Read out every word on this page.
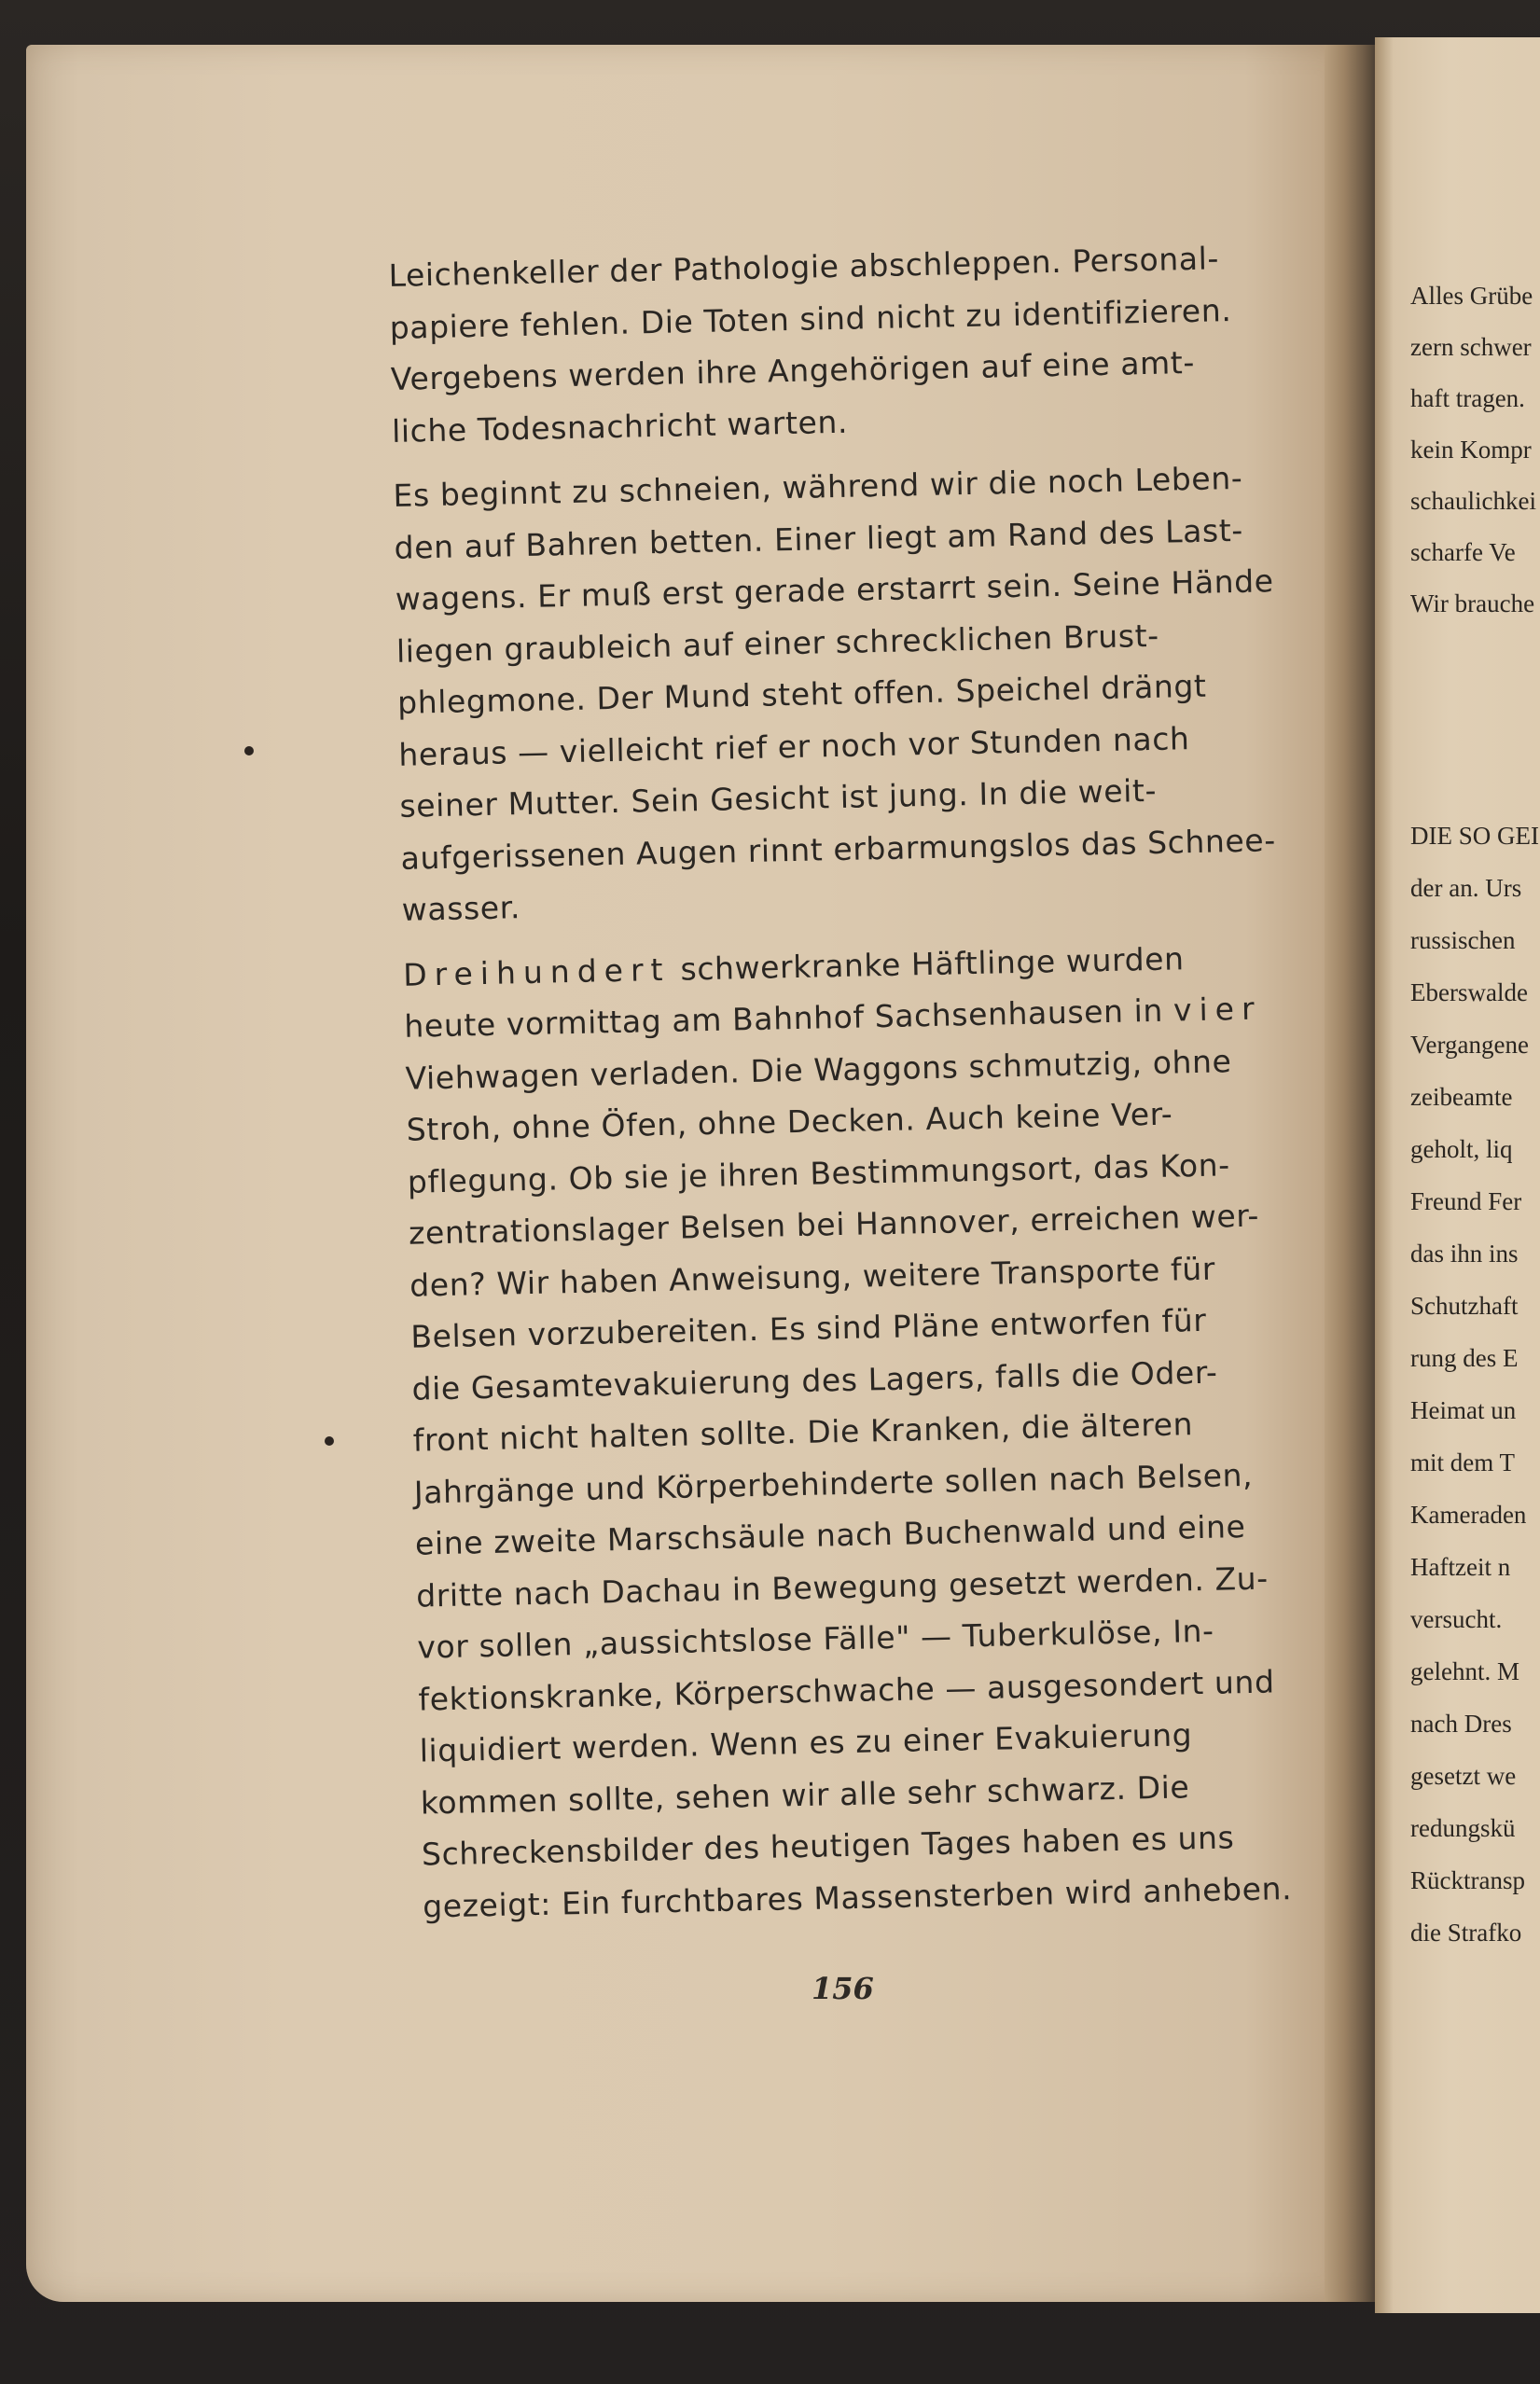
Leichenkeller der Pathologie abschleppen. Personal-
papiere fehlen. Die Toten sind nicht zu identifizieren.
Vergebens werden ihre Angehörigen auf eine amt-
liche Todesnachricht warten.

Es beginnt zu schneien, während wir die noch Leben-
den auf Bahren betten. Einer liegt am Rand des Last-
wagens. Er muß erst gerade erstarrt sein. Seine Hände
liegen graubleich auf einer schrecklichen Brust-
phlegmone. Der Mund steht offen. Speichel drängt
heraus — vielleicht rief er noch vor Stunden nach
seiner Mutter. Sein Gesicht ist jung. In die weit-
aufgerissenen Augen rinnt erbarmungslos das Schnee-
wasser.

Dreihundert schwerkranke Häftlinge wurden
heute vormittag am Bahnhof Sachsenhausen in vier
Viehwagen verladen. Die Waggons schmutzig, ohne
Stroh, ohne Öfen, ohne Decken. Auch keine Ver-
pflegung. Ob sie je ihren Bestimmungsort, das Kon-
zentrationslager Belsen bei Hannover, erreichen wer-
den? Wir haben Anweisung, weitere Transporte für
Belsen vorzubereiten. Es sind Pläne entworfen für
die Gesamtevakuierung des Lagers, falls die Oder-
front nicht halten sollte. Die Kranken, die älteren
Jahrgänge und Körperbehinderte sollen nach Belsen,
eine zweite Marschsäule nach Buchenwald und eine
dritte nach Dachau in Bewegung gesetzt werden. Zu-
vor sollen „aussichtslose Fälle" — Tuberkulöse, In-
fektionskranke, Körperschwache — ausgesondert und
liquidiert werden. Wenn es zu einer Evakuierung
kommen sollte, sehen wir alle sehr schwarz. Die
Schreckensbilder des heutigen Tages haben es uns
gezeigt: Ein furchtbares Massensterben wird anheben.

156
Alles Grübe
zern schwer
haft tragen.
kein Kompr
schaulichkei
scharfe Ve
Wir brauche
DIE SO GEI
der an. Urs
russischen
Eberswalde
Vergangene
zeibeamte
geholt, liq
Freund Fer
das ihn ins
Schutzhaft
rung des E
Heimat un
mit dem T
Kameraden
Haftzeit n
versucht.
gelehnt. M
nach Dres
gesetzt we
redungskü
Rücktransp
die Strafko
